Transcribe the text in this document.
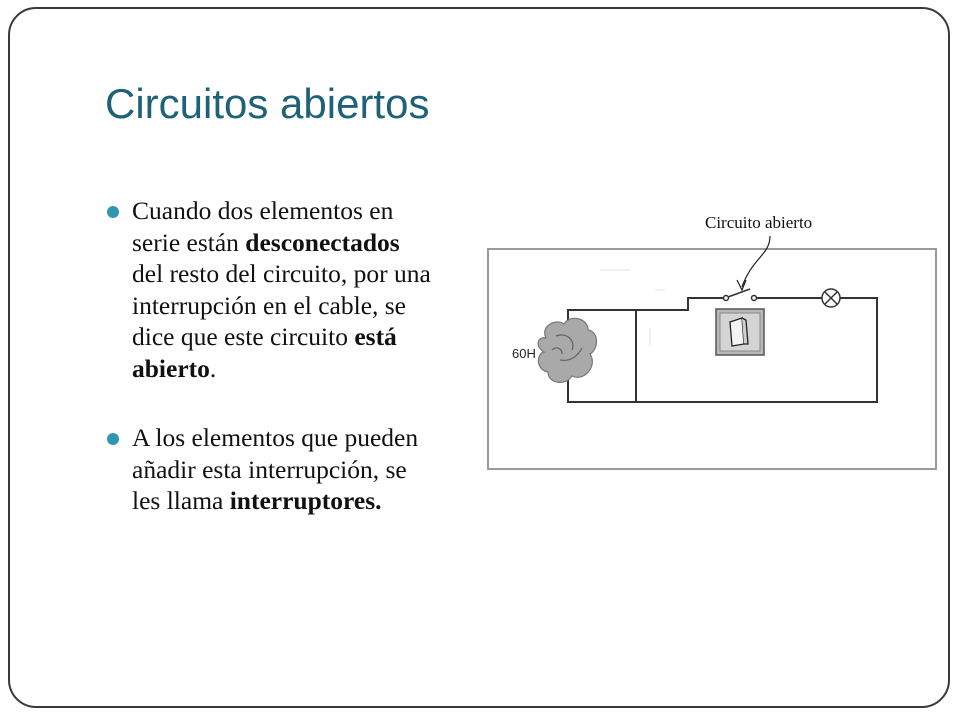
Circuitos abiertos
Cuando dos elementos en serie están desconectados del resto del circuito, por una interrupción en el cable, se dice que este circuito está abierto.
A los elementos que pueden añadir esta interrupción, se les llama interruptores.
Circuito abierto
60H
